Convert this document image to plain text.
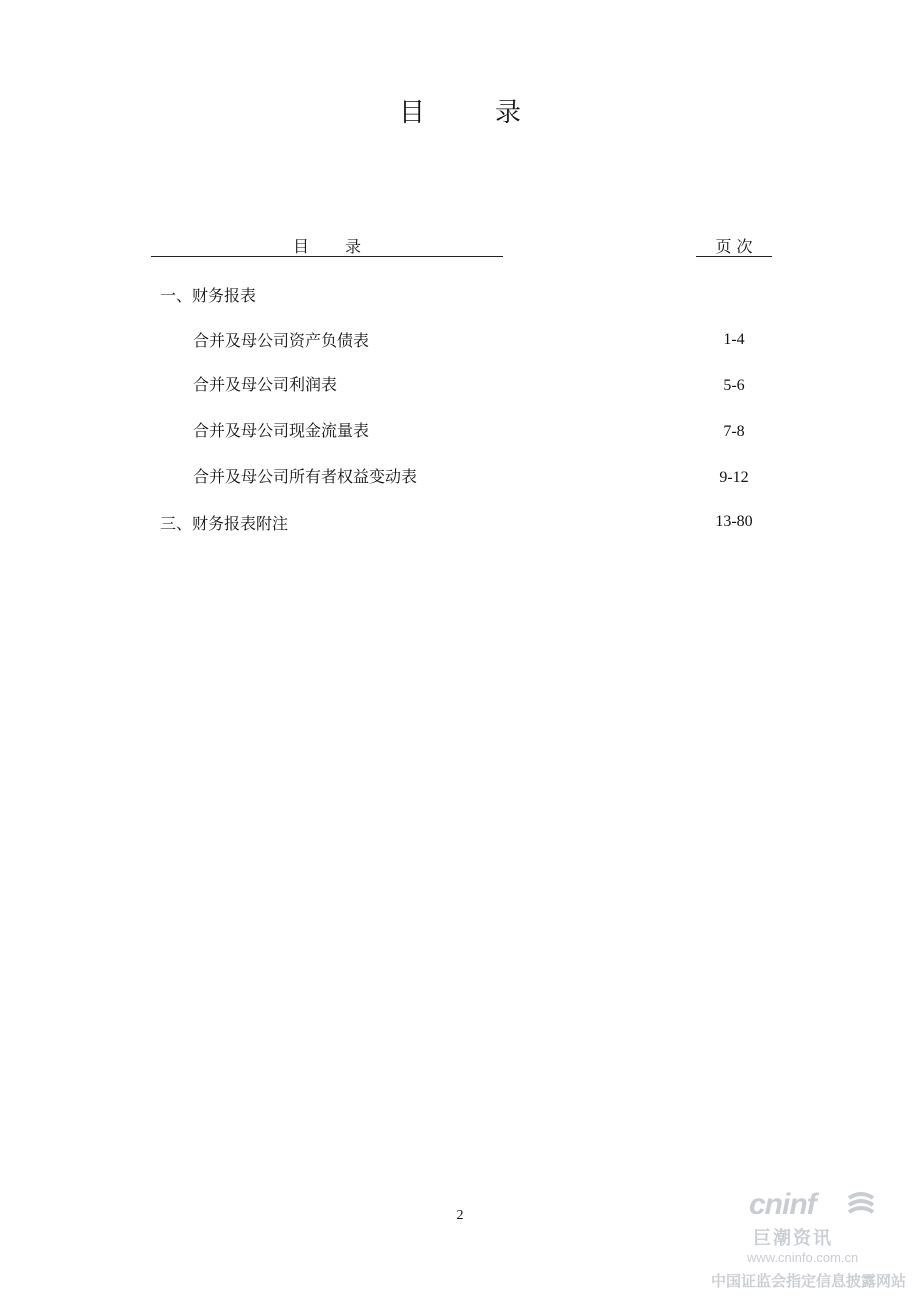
目	录
目 录	页 次
一、财务报表
合并及母公司资产负债表	1-4
合并及母公司利润表	5-6
合并及母公司现金流量表	7-8
合并及母公司所有者权益变动表	9-12
三、财务报表附注	13-80
2	cninf
巨潮资讯
www.cninfo.com.cn
中国证监会指定信息披露网站
